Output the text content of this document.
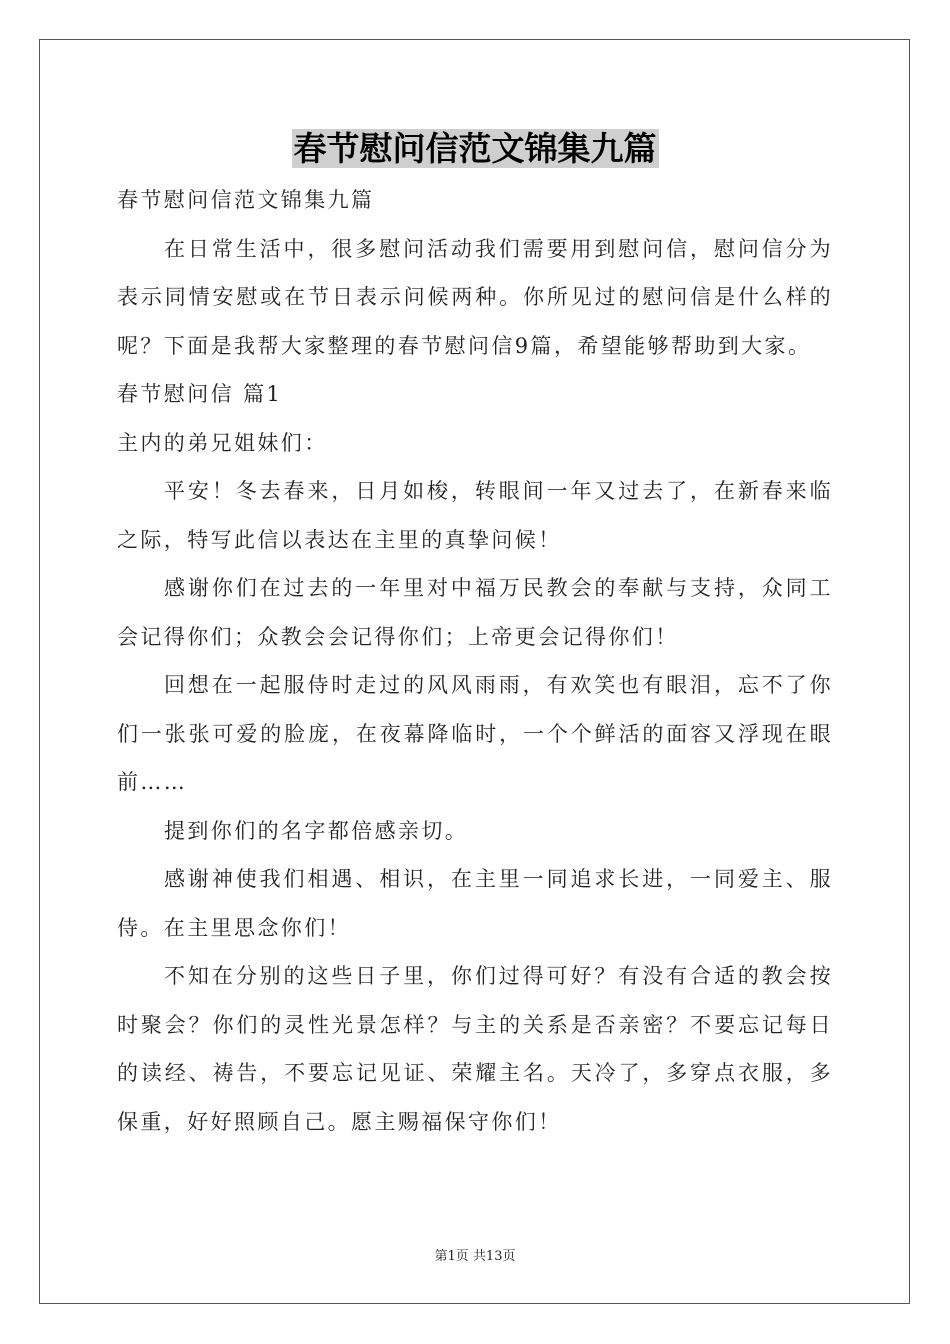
春节慰问信范文锦集九篇

春节慰问信范文锦集九篇

在日常生活中，很多慰问活动我们需要用到慰问信，慰问信分为表示同情安慰或在节日表示问候两种。你所见过的慰问信是什么样的呢？下面是我帮大家整理的春节慰问信9篇，希望能够帮助到大家。

春节慰问信 篇1

主内的弟兄姐妹们：

平安！冬去春来，日月如梭，转眼间一年又过去了，在新春来临之际，特写此信以表达在主里的真挚问候！

感谢你们在过去的一年里对中福万民教会的奉献与支持，众同工会记得你们；众教会会记得你们；上帝更会记得你们！

回想在一起服侍时走过的风风雨雨，有欢笑也有眼泪，忘不了你们一张张可爱的脸庞，在夜幕降临时，一个个鲜活的面容又浮现在眼前……

提到你们的名字都倍感亲切。

感谢神使我们相遇、相识，在主里一同追求长进，一同爱主、服侍。在主里思念你们！

不知在分别的这些日子里，你们过得可好？有没有合适的教会按时聚会？你们的灵性光景怎样？与主的关系是否亲密？不要忘记每日的读经、祷告，不要忘记见证、荣耀主名。天冷了，多穿点衣服，多保重，好好照顾自己。愿主赐福保守你们！

第1页 共13页
